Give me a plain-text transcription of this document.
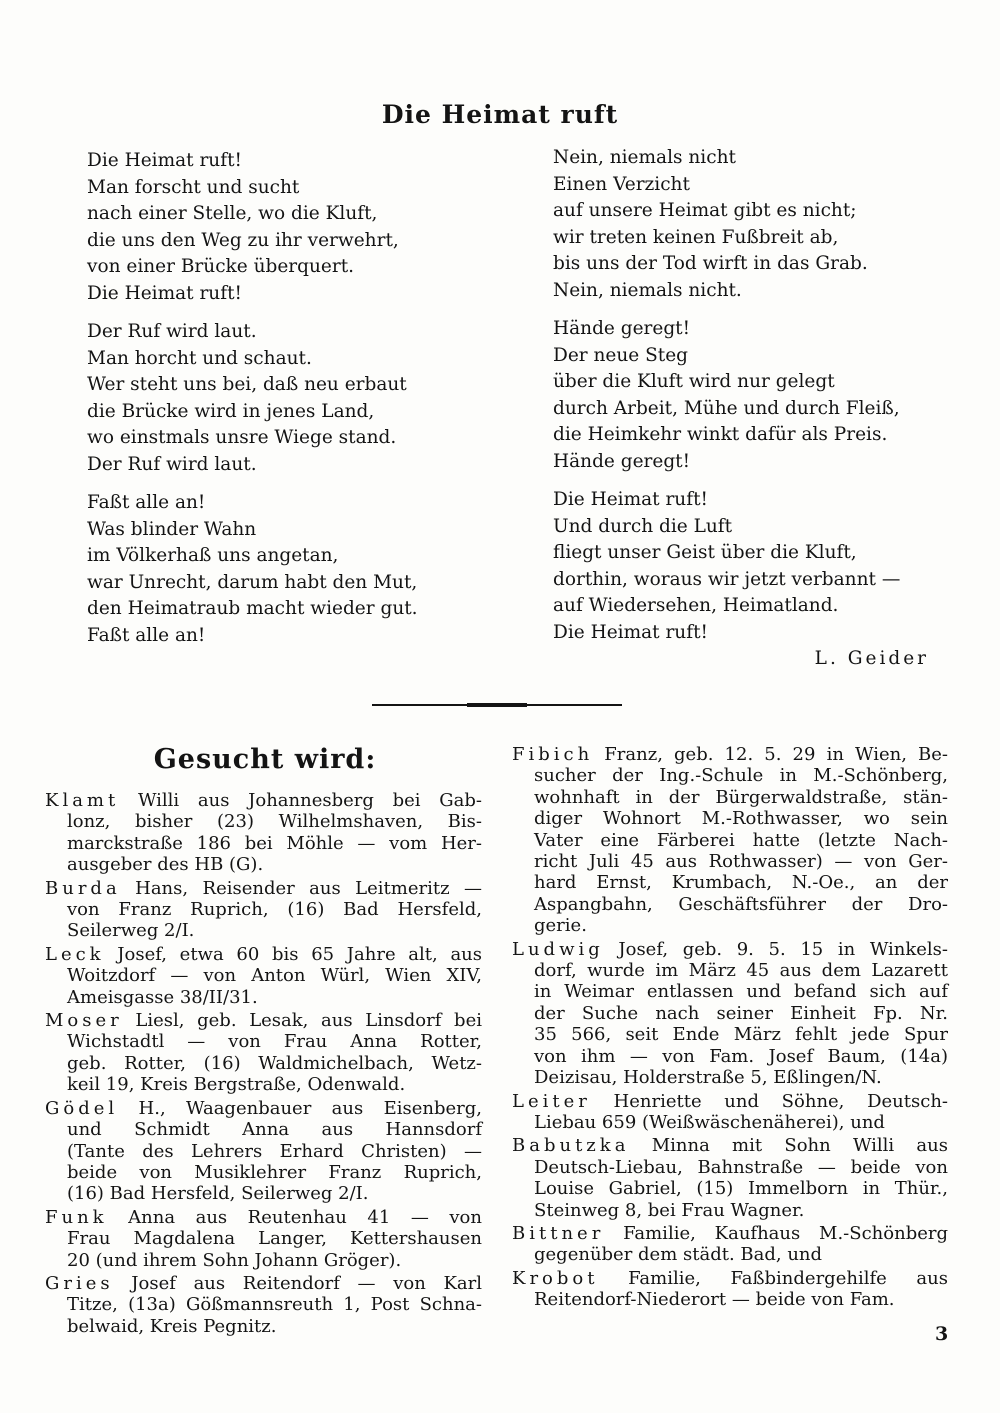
Die Heimat ruft
Die Heimat ruft!
Man forscht und sucht
nach einer Stelle, wo die Kluft,
die uns den Weg zu ihr verwehrt,
von einer Brücke überquert.
Die Heimat ruft!
Der Ruf wird laut.
Man horcht und schaut.
Wer steht uns bei, daß neu erbaut
die Brücke wird in jenes Land,
wo einstmals unsre Wiege stand.
Der Ruf wird laut.
Faßt alle an!
Was blinder Wahn
im Völkerhaß uns angetan,
war Unrecht, darum habt den Mut,
den Heimatraub macht wieder gut.
Faßt alle an!
Nein, niemals nicht
Einen Verzicht
auf unsere Heimat gibt es nicht;
wir treten keinen Fußbreit ab,
bis uns der Tod wirft in das Grab.
Nein, niemals nicht.
Hände geregt!
Der neue Steg
über die Kluft wird nur gelegt
durch Arbeit, Mühe und durch Fleiß,
die Heimkehr winkt dafür als Preis.
Hände geregt!
Die Heimat ruft!
Und durch die Luft
fliegt unser Geist über die Kluft,
dorthin, woraus wir jetzt verbannt —
auf Wiedersehen, Heimatland.
Die Heimat ruft!
L. Geider
Gesucht wird:
Klamt Willi aus Johannesberg bei Gab-
lonz, bisher (23) Wilhelmshaven, Bis-
marckstraße 186 bei Möhle — vom Her-
ausgeber des HB (G).
Burda Hans, Reisender aus Leitmeritz —
von Franz Ruprich, (16) Bad Hersfeld,
Seilerweg 2/I.
Leck Josef, etwa 60 bis 65 Jahre alt, aus
Woitzdorf — von Anton Würl, Wien XIV,
Ameisgasse 38/II/31.
Moser Liesl, geb. Lesak, aus Linsdorf bei
Wichstadtl — von Frau Anna Rotter,
geb. Rotter, (16) Waldmichelbach, Wetz-
keil 19, Kreis Bergstraße, Odenwald.
Gödel H., Waagenbauer aus Eisenberg,
und Schmidt Anna aus Hannsdorf
(Tante des Lehrers Erhard Christen) —
beide von Musiklehrer Franz Ruprich,
(16) Bad Hersfeld, Seilerweg 2/I.
Funk Anna aus Reutenhau 41 — von
Frau Magdalena Langer, Kettershausen
20 (und ihrem Sohn Johann Gröger).
Gries Josef aus Reitendorf — von Karl
Titze, (13a) Gößmannsreuth 1, Post Schna-
belwaid, Kreis Pegnitz.
Fibich Franz, geb. 12. 5. 29 in Wien, Be-
sucher der Ing.-Schule in M.-Schönberg,
wohnhaft in der Bürgerwaldstraße, stän-
diger Wohnort M.-Rothwasser, wo sein
Vater eine Färberei hatte (letzte Nach-
richt Juli 45 aus Rothwasser) — von Ger-
hard Ernst, Krumbach, N.-Oe., an der
Aspangbahn, Geschäftsführer der Dro-
gerie.
Ludwig Josef, geb. 9. 5. 15 in Winkels-
dorf, wurde im März 45 aus dem Lazarett
in Weimar entlassen und befand sich auf
der Suche nach seiner Einheit Fp. Nr.
35 566, seit Ende März fehlt jede Spur
von ihm — von Fam. Josef Baum, (14a)
Deizisau, Holderstraße 5, Eßlingen/N.
Leiter Henriette und Söhne, Deutsch-
Liebau 659 (Weißwäschenäherei), und
Babutzka Minna mit Sohn Willi aus
Deutsch-Liebau, Bahnstraße — beide von
Louise Gabriel, (15) Immelborn in Thür.,
Steinweg 8, bei Frau Wagner.
Bittner Familie, Kaufhaus M.-Schönberg
gegenüber dem städt. Bad, und
Krobot Familie, Faßbindergehilfe aus
Reitendorf-Niederort — beide von Fam.
3
